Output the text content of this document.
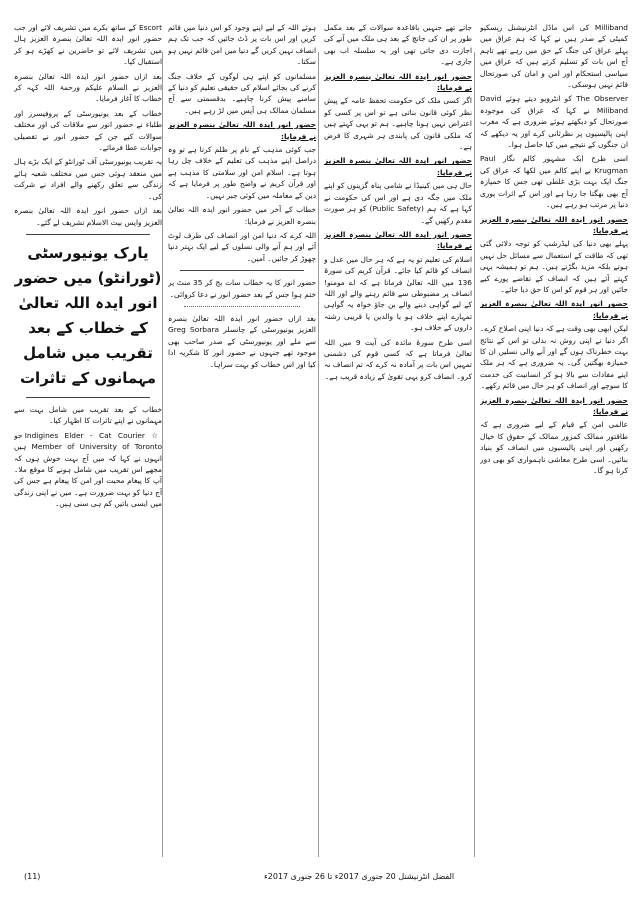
Milliband کی اس ماڈل انٹرنیشنل ریسکیو کمیٹی کے صدر ہیں نے کہا کہ ہم عراق میں پہلے عراق کی جنگ کے حق میں رہے تھے تاہم آج اس بات کو تسلیم کرتے ہیں کہ عراق میں سیاسی استحکام اور امن و امان کی صورتحال قائم نہیں ہوسکی۔

The Observer کو انٹرویو دیتے ہوئے David Miliband نے کہا کہ عراق کی موجودہ صورتحال کو دیکھتے ہوئے ضروری ہے کہ مغرب اپنی پالیسیوں پر نظرثانی کرے اور یہ دیکھے کہ ان جنگوں کے نتیجے میں کیا حاصل ہوا۔

اسی طرح ایک مشہور کالم نگار Paul Krugman نے اپنے کالم میں لکھا کہ عراق کی جنگ ایک بہت بڑی غلطی تھی جس کا خمیازہ آج بھی بھگتا جا رہا ہے اور اس کے اثرات پوری دنیا پر مرتب ہو رہے ہیں۔

حضور انور ایدہ اللہ تعالیٰ بنصرہ العزیز نے فرمایا:

پہلے بھی دنیا کی لیڈرشپ کو توجہ دلائی گئی تھی کہ طاقت کے استعمال سے مسائل حل نہیں ہوتے بلکہ مزید بگڑتے ہیں۔ ہم تو ہمیشہ یہی کہتے آئے ہیں کہ انصاف کے تقاضے پورے کیے جائیں اور ہر قوم کو اس کا حق دیا جائے۔

حضور انور ایدہ اللہ تعالیٰ بنصرہ العزیز نے فرمایا:

لیکن ابھی بھی وقت ہے کہ دنیا اپنی اصلاح کرے۔ اگر دنیا نے اپنی روش نہ بدلی تو اس کے نتائج بہت خطرناک ہوں گے اور آنے والی نسلیں ان کا خمیازہ بھگتیں گی۔ یہ ضروری ہے کہ ہر ملک اپنے مفادات سے بالا ہو کر انسانیت کی خدمت کا سوچے اور انصاف کو ہر حال میں قائم رکھے۔

حضور انور ایدہ اللہ تعالیٰ بنصرہ العزیز نے فرمایا:

عالمی امن کے قیام کے لیے ضروری ہے کہ طاقتور ممالک کمزور ممالک کے حقوق کا خیال رکھیں اور اپنی پالیسیوں میں انصاف کو بنیاد بنائیں۔ اسی طرح معاشی ناہمواری کو بھی دور کرنا ہو گا۔

جاتے تھے جنہیں باقاعدہ سوالات کے بعد مکمل طور پر ان کی جانچ کے بعد ہی ملک میں آنے کی اجازت دی جاتی تھی اور یہ سلسلہ اب بھی جاری ہے۔

حضور انور ایدہ اللہ تعالیٰ بنصرہ العزیز نے فرمایا:

اگر کسی ملک کی حکومت تحفظ عامہ کے پیش نظر کوئی قانون بناتی ہے تو اس پر کسی کو اعتراض نہیں ہونا چاہیے۔ ہم تو یہی کہتے ہیں کہ ملکی قانون کی پابندی ہر شہری کا فرض ہے۔

حضور انور ایدہ اللہ تعالیٰ بنصرہ العزیز نے فرمایا:

حال ہی میں کینیڈا نے شامی پناہ گزینوں کو اپنے ملک میں جگہ دی ہے اور اس کی حکومت نے کہا ہے کہ ہم (Public Safety) کو ہر صورت مقدم رکھیں گے۔

حضور انور ایدہ اللہ تعالیٰ بنصرہ العزیز نے فرمایا:

اسلام کی تعلیم تو یہ ہے کہ ہر حال میں عدل و انصاف کو قائم کیا جائے۔ قرآن کریم کی سورۃ 136 میں اللہ تعالیٰ فرماتا ہے کہ اے مومنو! انصاف پر مضبوطی سے قائم رہنے والے اور اللہ کے لیے گواہی دینے والے بن جاؤ خواہ یہ گواہی تمہارے اپنے خلاف ہو یا والدین یا قریبی رشتہ داروں کے خلاف ہو۔

اسی طرح سورۃ مائدہ کی آیت 9 میں اللہ تعالیٰ فرماتا ہے کہ کسی قوم کی دشمنی تمہیں اس بات پر آمادہ نہ کرے کہ تم انصاف نہ کرو۔ انصاف کرو یہی تقویٰ کے زیادہ قریب ہے۔

ہوئے اللہ کے لیے اپنے وجود کو اس دنیا میں قائم کریں اور اس بات پر ڈٹ جائیں کہ جب تک ہم انصاف نہیں کریں گے دنیا میں امن قائم نہیں ہو سکتا۔

مسلمانوں کو اپنے ہی لوگوں کے خلاف جنگ کرنے کی بجائے اسلام کی حقیقی تعلیم کو دنیا کے سامنے پیش کرنا چاہیے۔ بدقسمتی سے آج مسلمان ممالک ہی آپس میں لڑ رہے ہیں۔

حضور انور ایدہ اللہ تعالیٰ بنصرہ العزیز نے فرمایا:

جب کوئی مذہب کے نام پر ظلم کرتا ہے تو وہ دراصل اپنے مذہب کی تعلیم کے خلاف چل رہا ہوتا ہے۔ اسلام امن اور سلامتی کا مذہب ہے اور قرآن کریم نے واضح طور پر فرمایا ہے کہ دین کے معاملہ میں کوئی جبر نہیں۔

خطاب کے آخر میں حضور انور ایدہ اللہ تعالیٰ بنصرہ العزیز نے فرمایا:

اللہ کرے کہ دنیا امن اور انصاف کی طرف لوٹ آئے اور ہم آنے والی نسلوں کے لیے ایک بہتر دنیا چھوڑ کر جائیں۔ آمین۔

حضور انور کا یہ خطاب سات بج کر 35 منٹ پر ختم ہوا جس کے بعد حضور انور نے دعا کروائی۔

بعد ازاں حضور انور ایدہ اللہ تعالیٰ بنصرہ العزیز یونیورسٹی کے چانسلر Greg Sorbara سے ملے اور یونیورسٹی کے صدر صاحب بھی موجود تھے جنہوں نے حضور انور کا شکریہ ادا کیا اور اس خطاب کو بہت سراہا۔

Escort کے ساتھ بکرے میں تشریف لائے اور جب حضور انور ایدہ اللہ تعالیٰ بنصرہ العزیز ہال میں تشریف لائے تو حاضرین نے کھڑے ہو کر استقبال کیا۔

بعد ازاں حضور انور ایدہ اللہ تعالیٰ بنصرہ العزیز نے السلام علیکم ورحمۃ اللہ کہہ کر خطاب کا آغاز فرمایا۔

خطاب کے بعد یونیورسٹی کے پروفیسرز اور طلباء نے حضور انور سے ملاقات کی اور مختلف سوالات کیے جن کے حضور انور نے تفصیلی جوابات عطا فرمائے۔

یہ تقریب یونیورسٹی آف ٹورانٹو کے ایک بڑے ہال میں منعقد ہوئی جس میں مختلف شعبہ ہائے زندگی سے تعلق رکھنے والے افراد نے شرکت کی۔

بعد ازاں حضور انور ایدہ اللہ تعالیٰ بنصرہ العزیز واپس بیت الاسلام تشریف لے گئے۔

یارک یونیورسٹی (ٹورانٹو) میں حضور انور ایدہ اللہ تعالیٰ کے خطاب کے بعد تقریب میں شامل مہمانوں کے تاثرات

خطاب کے بعد تقریب میں شامل بہت سے مہمانوں نے اپنے تاثرات کا اظہار کیا۔

☆ Indigines Elder - Cat Courier جو Member of University of Toronto ہیں انہوں نے کہا کہ میں آج بہت خوش ہوں کہ مجھے اس تقریب میں شامل ہونے کا موقع ملا۔ آپ کا پیغام محبت اور امن کا پیغام ہے جس کی آج دنیا کو بہت ضرورت ہے۔ میں نے اپنی زندگی میں ایسی باتیں کم ہی سنی ہیں۔

(11)	الفضل انٹرنیشنل 20 جنوری 2017ء تا 26 جنوری 2017ء
